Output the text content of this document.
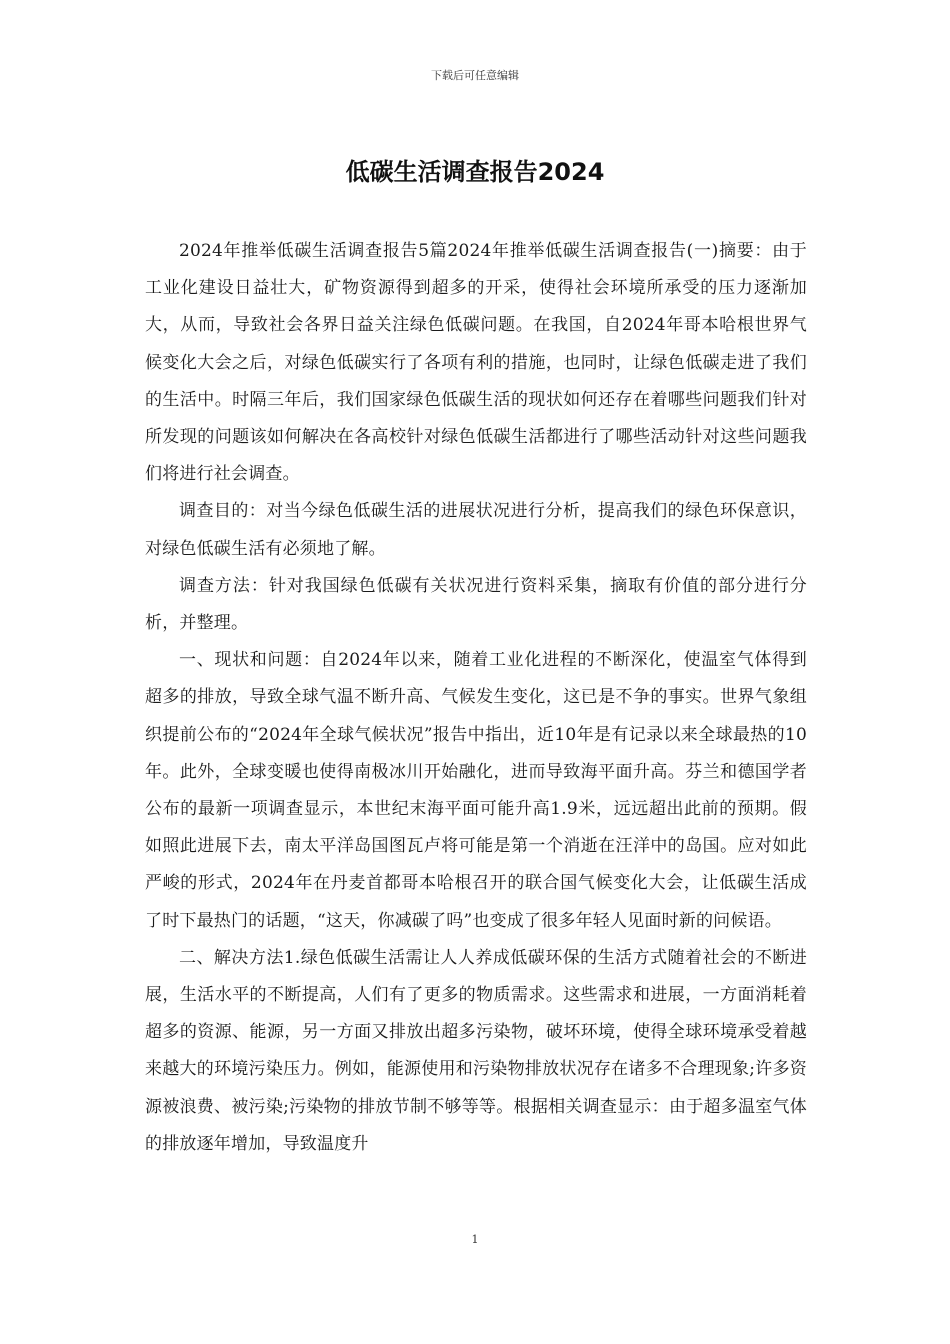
下载后可任意编辑
低碳生活调查报告2024

2024年推举低碳生活调查报告5篇2024年推举低碳生活调查报告(一)摘要：由于工业化建设日益壮大，矿物资源得到超多的开采，使得社会环境所承受的压力逐渐加大，从而，导致社会各界日益关注绿色低碳问题。在我国，自2024年哥本哈根世界气候变化大会之后，对绿色低碳实行了各项有利的措施，也同时，让绿色低碳走进了我们的生活中。时隔三年后，我们国家绿色低碳生活的现状如何还存在着哪些问题我们针对所发现的问题该如何解决在各高校针对绿色低碳生活都进行了哪些活动针对这些问题我们将进行社会调查。

调查目的：对当今绿色低碳生活的进展状况进行分析，提高我们的绿色环保意识，对绿色低碳生活有必须地了解。

调查方法：针对我国绿色低碳有关状况进行资料采集，摘取有价值的部分进行分析，并整理。

一、现状和问题：自2024年以来，随着工业化进程的不断深化，使温室气体得到超多的排放，导致全球气温不断升高、气候发生变化，这已是不争的事实。世界气象组织提前公布的“2024年全球气候状况”报告中指出，近10年是有记录以来全球最热的10年。此外，全球变暖也使得南极冰川开始融化，进而导致海平面升高。芬兰和德国学者公布的最新一项调查显示，本世纪末海平面可能升高1.9米，远远超出此前的预期。假如照此进展下去，南太平洋岛国图瓦卢将可能是第一个消逝在汪洋中的岛国。应对如此严峻的形式，2024年在丹麦首都哥本哈根召开的联合国气候变化大会，让低碳生活成了时下最热门的话题，“这天，你减碳了吗”也变成了很多年轻人见面时新的问候语。

二、解决方法1.绿色低碳生活需让人人养成低碳环保的生活方式随着社会的不断进展，生活水平的不断提高，人们有了更多的物质需求。这些需求和进展，一方面消耗着超多的资源、能源，另一方面又排放出超多污染物，破坏环境，使得全球环境承受着越来越大的环境污染压力。例如，能源使用和污染物排放状况存在诸多不合理现象;许多资源被浪费、被污染;污染物的排放节制不够等等。根据相关调查显示：由于超多温室气体的排放逐年增加，导致温度升

1
